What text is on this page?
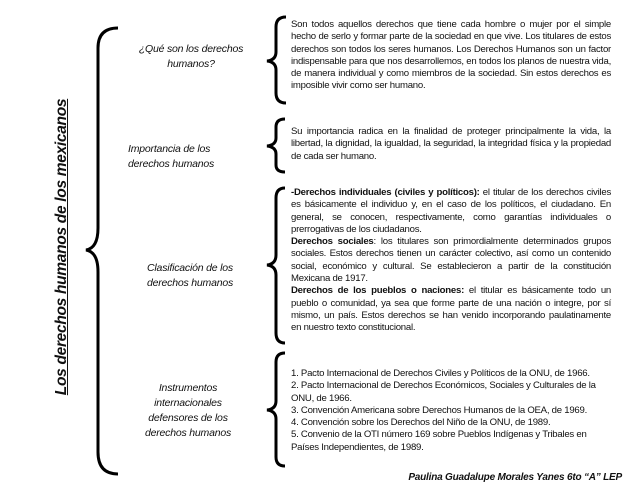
Los derechos humanos de los mexicanos
¿Qué son los derechos humanos?
Importancia de los derechos humanos
Clasificación de los derechos humanos
Instrumentos internacionales defensores de los derechos humanos
Son todos aquellos derechos que tiene cada hombre o mujer por el simple hecho de serlo y formar parte de la sociedad en que vive. Los titulares de estos derechos son todos los seres humanos. Los Derechos Humanos son un factor indispensable para que nos desarrollemos, en todos los planos de nuestra vida, de manera individual y como miembros de la sociedad. Sin estos derechos es imposible vivir como ser humano.
Su importancia radica en la finalidad de proteger principalmente la vida, la libertad, la dignidad, la igualdad, la seguridad, la integridad física y la propiedad de cada ser humano.

-Derechos individuales (civiles y políticos): el titular de los derechos civiles es básicamente el individuo y, en el caso de los políticos, el ciudadano. En general, se conocen, respectivamente, como garantías individuales o prerrogativas de los ciudadanos.

Derechos sociales: los titulares son primordialmente determinados grupos sociales. Estos derechos tienen un carácter colectivo, así como un contenido social, económico y cultural. Se establecieron a partir de la constitución Mexicana de 1917.

Derechos de los pueblos o naciones: el titular es básicamente todo un pueblo o comunidad, ya sea que forme parte de una nación o integre, por sí mismo, un país. Estos derechos se han venido incorporando paulatinamente en nuestro texto constitucional.

1. Pacto Internacional de Derechos Civiles y Políticos de la ONU, de 1966.
2. Pacto Internacional de Derechos Económicos, Sociales y Culturales de la ONU, de 1966.
3. Convención Americana sobre Derechos Humanos de la OEA, de 1969.
4. Convención sobre los Derechos del Niño de la ONU, de 1989.
5. Convenio de la OTI número 169 sobre Pueblos Indígenas y Tribales en Países Independientes, de 1989.
Paulina Guadalupe Morales Yanes 6to “A” LEP
